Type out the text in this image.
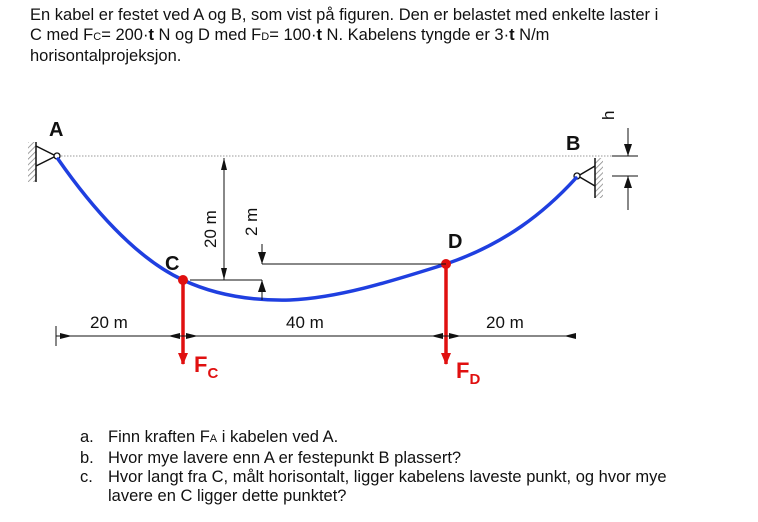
En kabel er festet ved A og B, som vist på figuren. Den er belastet med enkelte laster i

C med FC= 200·t N og D med FD= 100·t N. Kabelens tyngde er 3·t N/m

horisontalprojeksjon.

A
B
C
D
20 m	40 m	20 m
20 m 2 m
h
$F_C$	$F_D$
a. Finn kraften FA i kabelen ved A.
b. Hvor mye lavere enn A er festepunkt B plassert?
c. Hvor langt fra C, målt horisontalt, ligger kabelens laveste punkt, og hvor mye
lavere en C ligger dette punktet?
